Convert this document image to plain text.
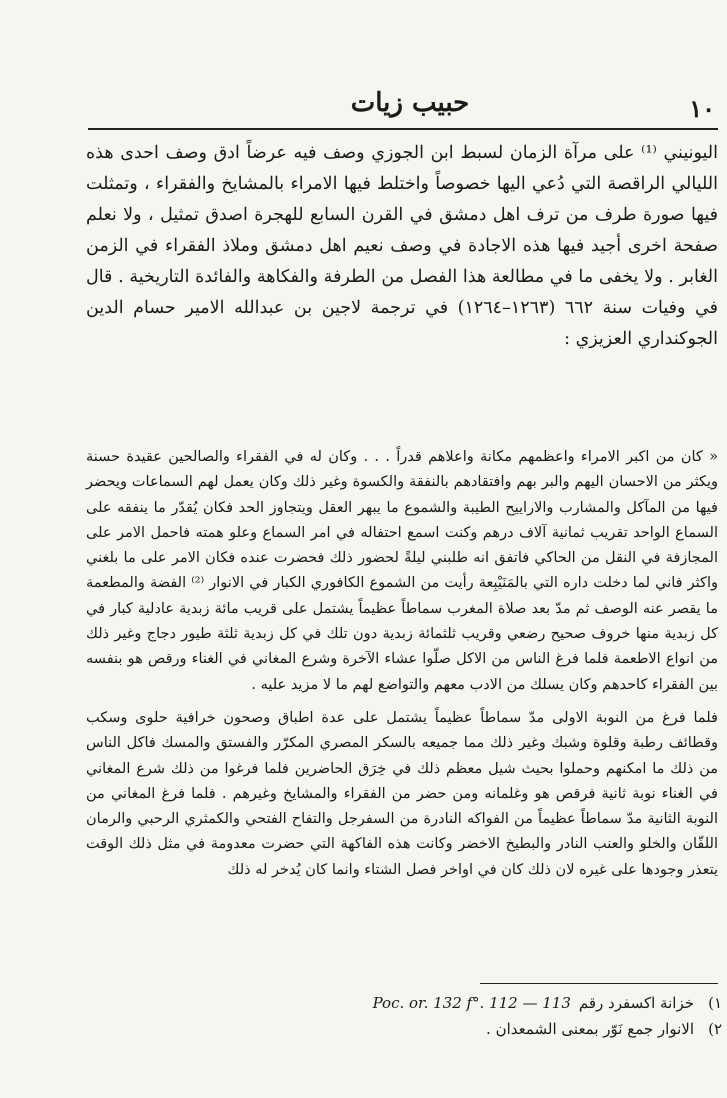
١٠
حبيب زيات

اليونيني ⁽¹⁾ على مرآة الزمان لسبط ابن الجوزي وصف فيه عرضاً ادق وصف احدى هذه الليالي الراقصة التي دُعي اليها خصوصاً واختلط فيها الامراء بالمشايخ والفقراء ، وتمثلت فيها صورة طرف من ترف اهل دمشق في القرن السابع للهجرة اصدق تمثيل ، ولا نعلم صفحة اخرى أجيد فيها هذه الاجادة في وصف نعيم اهل دمشق وملاذ الفقراء في الزمن الغابر . ولا يخفى ما في مطالعة هذا الفصل من الطرفة والفكاهة والفائدة التاريخية . قال في وفيات سنة ٦٦٢ (١٢٦٣–١٢٦٤) في ترجمة لاجين بن عبدالله الامير حسام الدين الجوكنداري العزيزي :

« كان من اكبر الامراء واعظمهم مكانة واعلاهم قدراً . . . وكان له في الفقراء والصالحين عقيدة حسنة ويكثر من الاحسان اليهم والبر بهم وافتقادهم بالنفقة والكسوة وغير ذلك وكان يعمل لهم السماعات ويحضر فيها من المآكل والمشارب والاراييح الطيبة والشموع ما يبهر العقل ويتجاوز الحد فكان يُقدّر ما ينفقه على السماع الواحد تقريب ثمانية آلاف درهم وكنت اسمع احتفاله في امر السماع وعلو همته فاحمل الامر على المجازفة في النقل من الحاكي فاتفق انه طلبني ليلةً لحضور ذلك فحضرت عنده فكان الامر على ما بلغني واكثر فاني لما دخلت داره التي بالمَنَيْبِعة رأيت من الشموع الكافوري الكبار في الانوار ⁽²⁾ الفضة والمطعمة ما يقصر عنه الوصف ثم مدّ بعد صلاة المغرب سماطاً عظيماً يشتمل على قريب مائة زبدية عادلية كبار في كل زبدية منها خروف صحيح رضعي وقريب ثلثمائة زبدية دون تلك في كل زبدية ثلثة طيور دجاج وغير ذلك من انواع الاطعمة فلما فرغ الناس من الاكل صلّوا عشاء الآخرة وشرع المغاني في الغناء ورقص هو بنفسه بين الفقراء كاحدهم وكان يسلك من الادب معهم والتواضع لهم ما لا مزيد عليه .

فلما فرغ من النوبة الاولى مدّ سماطاً عظيماً يشتمل على عدة اطباق وصحون خرافية حلوى وسكب وقطائف رطبة وقلوة وشبك وغير ذلك مما جميعه بالسكر المصري المكرّر والفستق والمسك فاكل الناس من ذلك ما امكنهم وحملوا بحيث شيل معظم ذلك في خِرَق الحاضرين فلما فرغوا من ذلك شرع المغاني في الغناء نوبة ثانية فرقص هو وغلمانه ومن حضر من الفقراء والمشايخ وغيرهم . فلما فرغ المغاني من النوبة الثانية مدّ سماطاً عظيماً من الفواكه النادرة من السفرجل والتفاح الفتحي والكمثري الرحبي والرمان اللفّان والخلو والعنب النادر والبطيخ الاخضر وكانت هذه الفاكهة التي حضرت معدومة في مثل ذلك الوقت يتعذر وجودها على غيره لان ذلك كان في اواخر فصل الشتاء وانما كان يُدخر له ذلك

١)
خزانة اكسفرد رقم
Poc. or. 132 f°. 112 — 113
٢)
الانوار جمع نَوّر بمعنى الشمعدان .
